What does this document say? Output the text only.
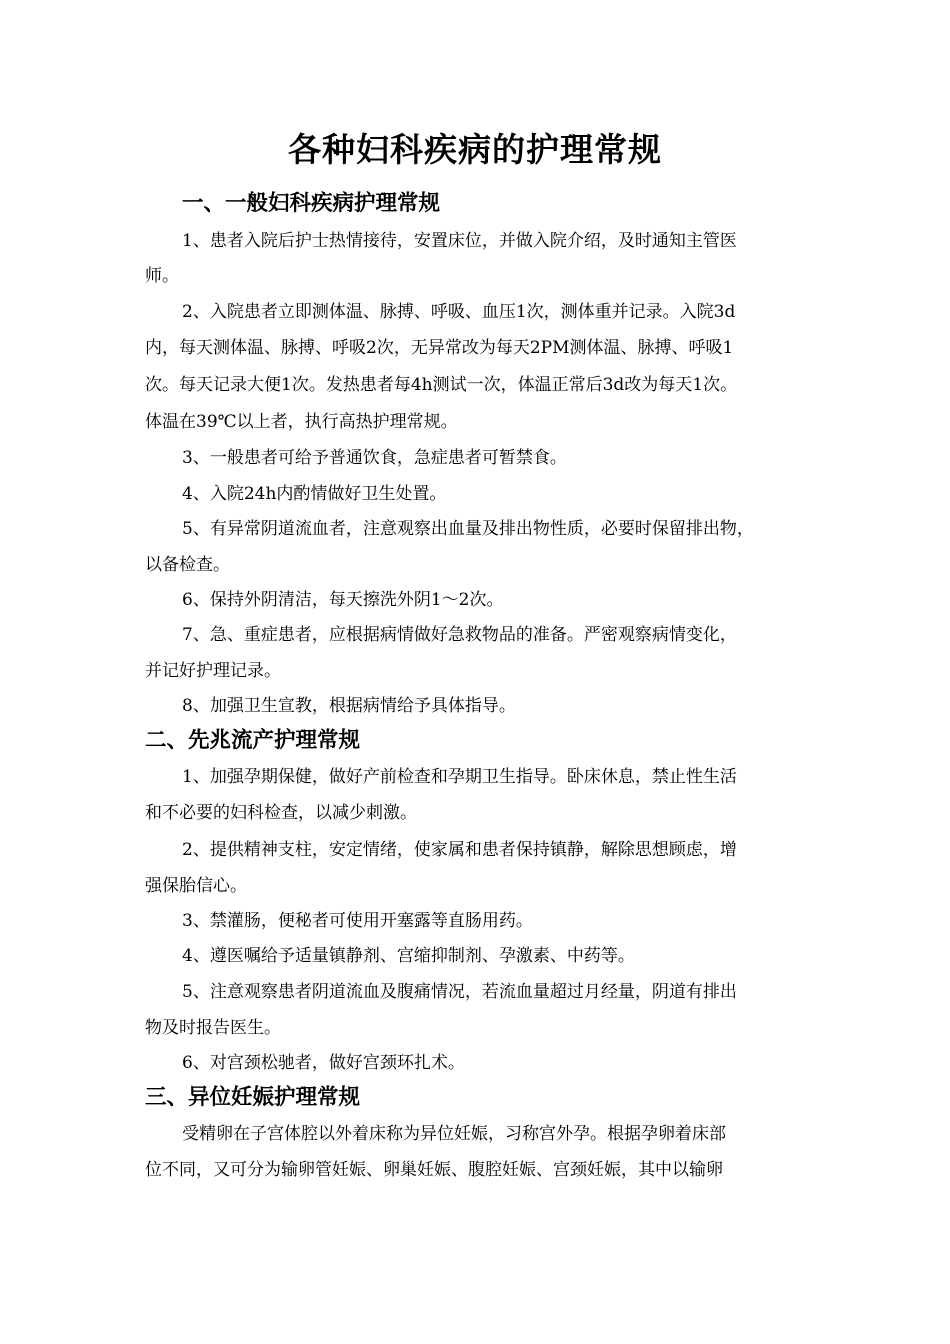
各种妇科疾病的护理常规
一、一般妇科疾病护理常规
1、患者入院后护士热情接待，安置床位，并做入院介绍，及时通知主管医
师。
2、入院患者立即测体温、脉搏、呼吸、血压1次，测体重并记录。入院3d
内，每天测体温、脉搏、呼吸2次，无异常改为每天2PM测体温、脉搏、呼吸1
次。每天记录大便1次。发热患者每4h测试一次，体温正常后3d改为每天1次。
体温在39℃以上者，执行高热护理常规。
3、一般患者可给予普通饮食，急症患者可暂禁食。
4、入院24h内酌情做好卫生处置。
5、有异常阴道流血者，注意观察出血量及排出物性质，必要时保留排出物，
以备检查。
6、保持外阴清洁，每天擦洗外阴1～2次。
7、急、重症患者，应根据病情做好急救物品的准备。严密观察病情变化，
并记好护理记录。
8、加强卫生宣教，根据病情给予具体指导。
二、先兆流产护理常规
1、加强孕期保健，做好产前检查和孕期卫生指导。卧床休息，禁止性生活
和不必要的妇科检查，以减少刺激。
2、提供精神支柱，安定情绪，使家属和患者保持镇静，解除思想顾虑，增
强保胎信心。
3、禁灌肠，便秘者可使用开塞露等直肠用药。
4、遵医嘱给予适量镇静剂、宫缩抑制剂、孕激素、中药等。
5、注意观察患者阴道流血及腹痛情况，若流血量超过月经量，阴道有排出
物及时报告医生。
6、对宫颈松驰者，做好宫颈环扎术。
三、异位妊娠护理常规
受精卵在子宫体腔以外着床称为异位妊娠，习称宫外孕。根据孕卵着床部
位不同，又可分为输卵管妊娠、卵巢妊娠、腹腔妊娠、宫颈妊娠，其中以输卵
